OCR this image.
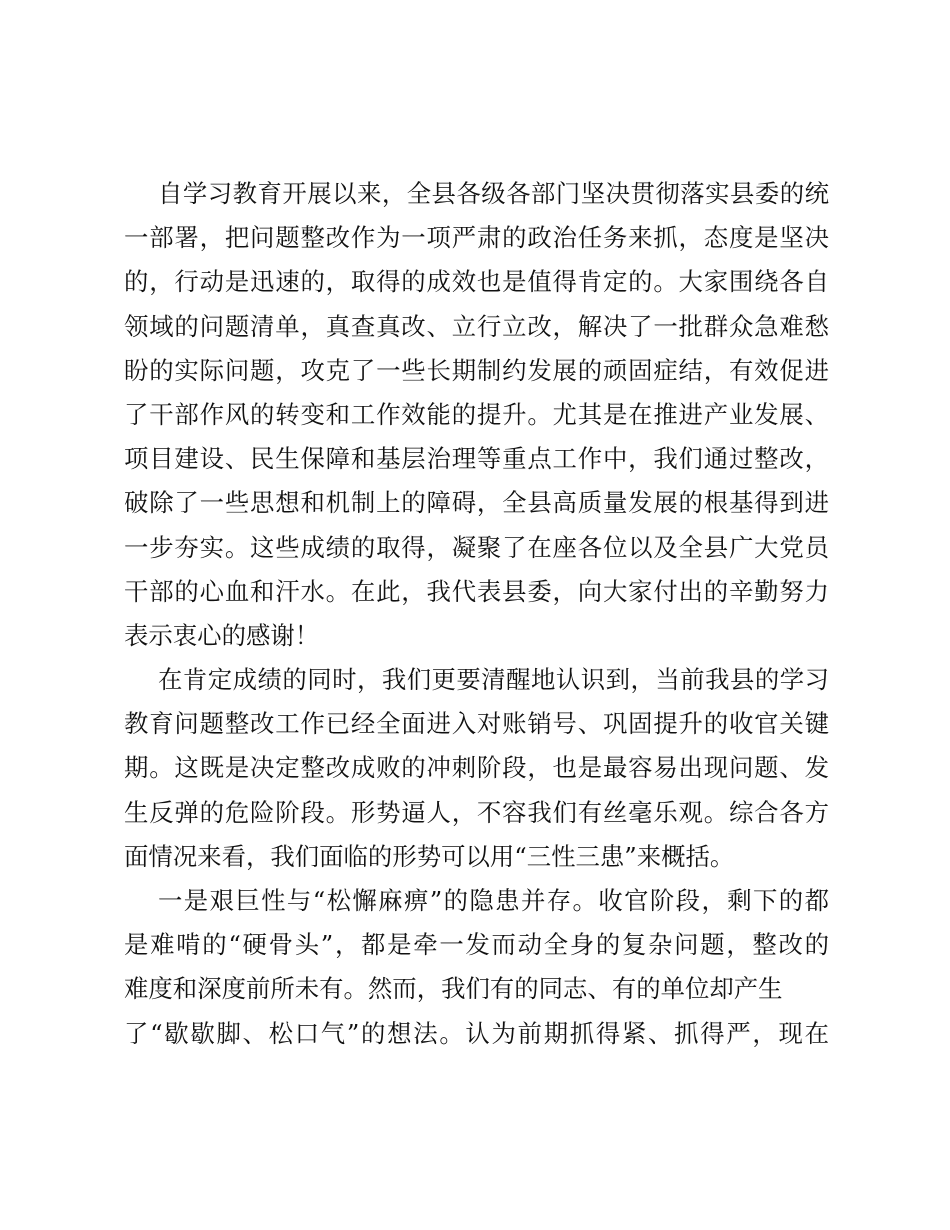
自学习教育开展以来，全县各级各部门坚决贯彻落实县委的统
一部署，把问题整改作为一项严肃的政治任务来抓，态度是坚决
的，行动是迅速的，取得的成效也是值得肯定的。大家围绕各自
领域的问题清单，真查真改、立行立改，解决了一批群众急难愁
盼的实际问题，攻克了一些长期制约发展的顽固症结，有效促进
了干部作风的转变和工作效能的提升。尤其是在推进产业发展、
项目建设、民生保障和基层治理等重点工作中，我们通过整改，
破除了一些思想和机制上的障碍，全县高质量发展的根基得到进
一步夯实。这些成绩的取得，凝聚了在座各位以及全县广大党员
干部的心血和汗水。在此，我代表县委，向大家付出的辛勤努力
表示衷心的感谢！
在肯定成绩的同时，我们更要清醒地认识到，当前我县的学习
教育问题整改工作已经全面进入对账销号、巩固提升的收官关键
期。这既是决定整改成败的冲刺阶段，也是最容易出现问题、发
生反弹的危险阶段。形势逼人，不容我们有丝毫乐观。综合各方
面情况来看，我们面临的形势可以用“三性三患”来概括。
一是艰巨性与“松懈麻痹”的隐患并存。收官阶段，剩下的都
是难啃的“硬骨头”，都是牵一发而动全身的复杂问题，整改的
难度和深度前所未有。然而，我们有的同志、有的单位却产生
了“歇歇脚、松口气”的想法。认为前期抓得紧、抓得严，现在
